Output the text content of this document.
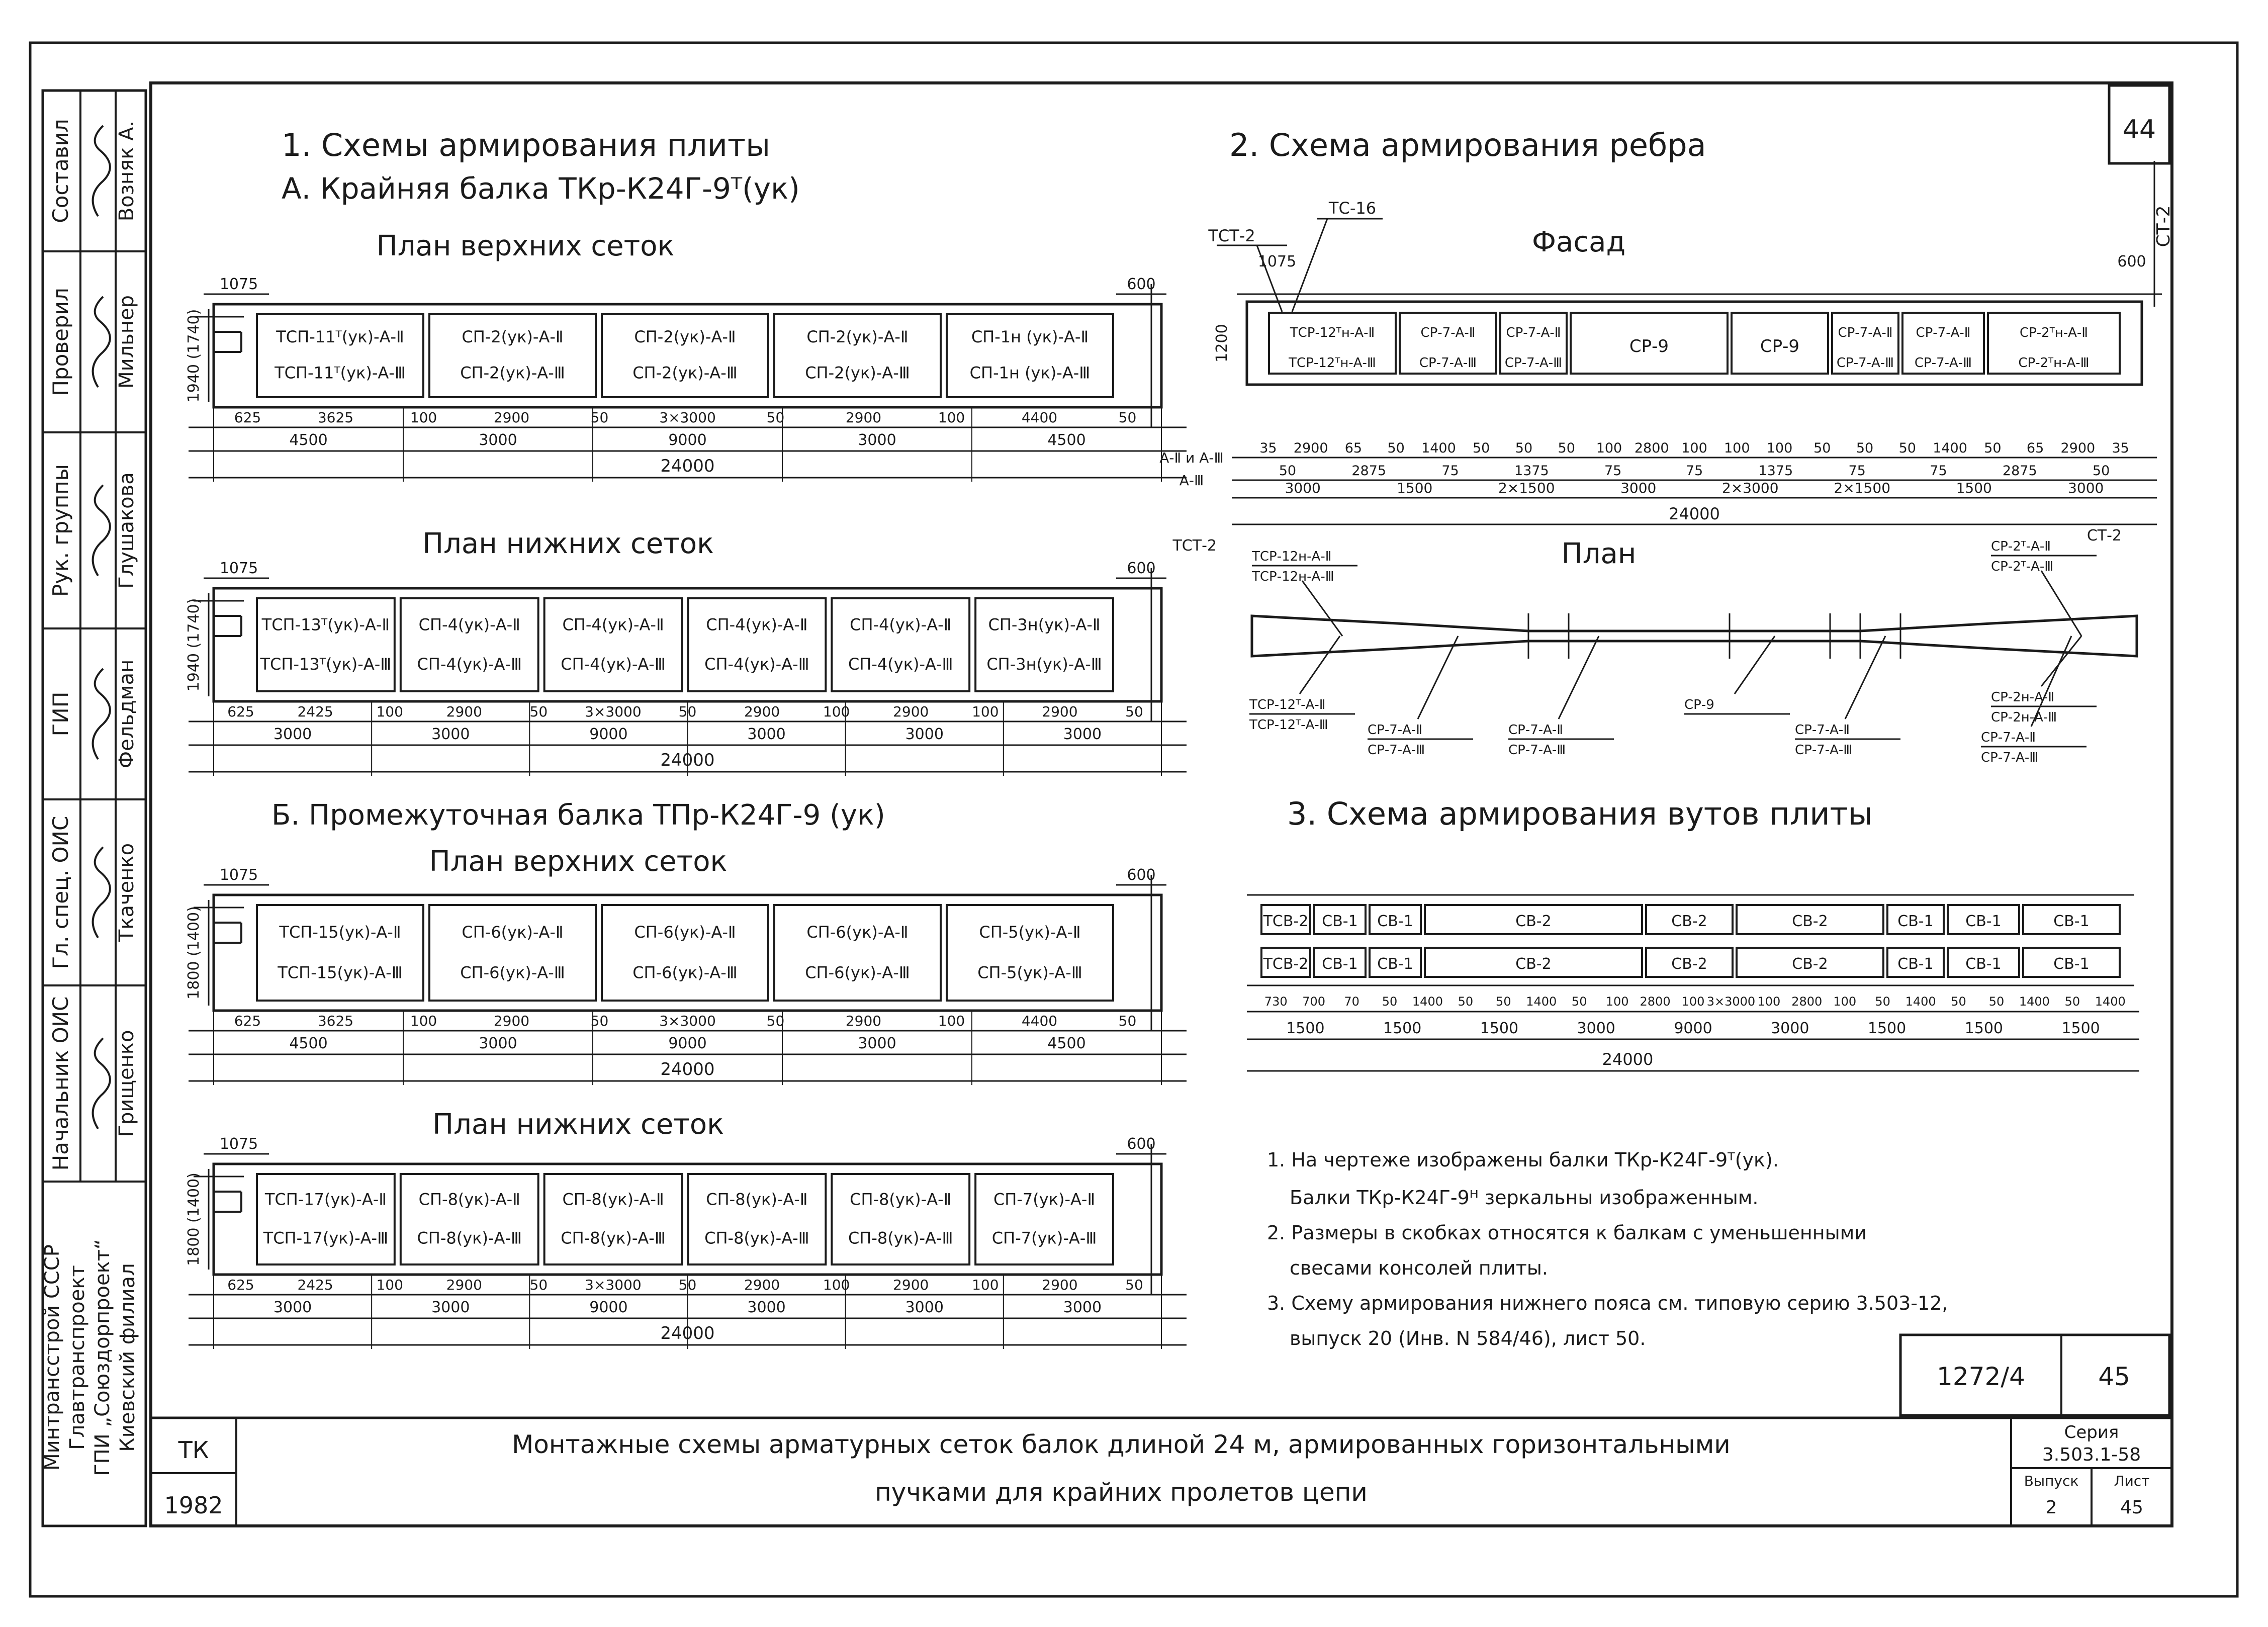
44
1. Схемы армирования плиты
А. Крайняя балка ТКр-К24Г-9ᵀ(ук)
План верхних сеток
План нижних сеток
Б. Промежуточная балка ТПр-К24Г-9 (ук)
План верхних сеток
План нижних сеток
2. Схема армирования ребра
Фасад
План
3. Схема армирования вутов плиты
1075	600
1940 (1740)	ТСП-11ᵀ(ук)-А-Ⅱ
ТСП-11ᵀ(ук)-А-Ⅲ
СП-2(ук)-А-Ⅱ
СП-2(ук)-А-Ⅲ
СП-2(ук)-А-Ⅱ
СП-2(ук)-А-Ⅲ
СП-2(ук)-А-Ⅱ
СП-2(ук)-А-Ⅲ
СП-1н (ук)-А-Ⅱ
СП-1н (ук)-А-Ⅲ
625	3625	100	2900	50	3×3000	50	2900	100	4400	50
4500	3000	9000	3000	4500
24000
1075	600
1940 (1740)	ТСП-13ᵀ(ук)-А-Ⅱ
ТСП-13ᵀ(ук)-А-Ⅲ
СП-4(ук)-А-Ⅱ
СП-4(ук)-А-Ⅲ
СП-4(ук)-А-Ⅱ
СП-4(ук)-А-Ⅲ
СП-4(ук)-А-Ⅱ
СП-4(ук)-А-Ⅲ
СП-4(ук)-А-Ⅱ
СП-4(ук)-А-Ⅲ
СП-3н(ук)-А-Ⅱ
СП-3н(ук)-А-Ⅲ
625	2425	100	2900	50	3×3000	50	2900	100	2900	100	2900	50
3000	3000	9000	3000	3000	3000
24000
1075	600
1800 (1400)	ТСП-15(ук)-А-Ⅱ
ТСП-15(ук)-А-Ⅲ
СП-6(ук)-А-Ⅱ
СП-6(ук)-А-Ⅲ
СП-6(ук)-А-Ⅱ
СП-6(ук)-А-Ⅲ
СП-6(ук)-А-Ⅱ
СП-6(ук)-А-Ⅲ
СП-5(ук)-А-Ⅱ
СП-5(ук)-А-Ⅲ
625	3625	100	2900	50	3×3000	50	2900	100	4400	50
4500	3000	9000	3000	4500
24000
1075	600
1800 (1400)	ТСП-17(ук)-А-Ⅱ
ТСП-17(ук)-А-Ⅲ
СП-8(ук)-А-Ⅱ
СП-8(ук)-А-Ⅲ
СП-8(ук)-А-Ⅱ
СП-8(ук)-А-Ⅲ
СП-8(ук)-А-Ⅱ
СП-8(ук)-А-Ⅲ
СП-8(ук)-А-Ⅱ
СП-8(ук)-А-Ⅲ
СП-7(ук)-А-Ⅱ
СП-7(ук)-А-Ⅲ
625	2425	100	2900	50	3×3000	50	2900	100	2900	100	2900	50
3000	3000	9000	3000	3000	3000
24000
ТСТ-2
ТС-16
1075	600
1200
СТ-2
ТСР-12ᵀн-А-Ⅱ
ТСР-12ᵀн-А-Ⅲ
СР-7-А-Ⅱ
СР-7-А-Ⅲ
СР-7-А-Ⅱ
СР-7-А-Ⅲ
СР-9	СР-9
СР-7-А-Ⅱ
СР-7-А-Ⅲ
СР-7-А-Ⅱ
СР-7-А-Ⅲ
СР-2ᵀн-А-Ⅱ
СР-2ᵀн-А-Ⅲ
А-Ⅱ и А-Ⅲ
А-Ⅲ
35 2900 65 50 1400 50 50 50 100 2800 100 100 100 50 50 50 1400 50 65 2900 35
50	2875	75	1375	75	75	1375	75	75	2875	50
3000	1500	2×1500	3000	2×3000	2×1500	1500	3000
24000
ТСТ-2
ТСР-12н-А-Ⅱ
ТСР-12н-А-Ⅲ
ТСР-12ᵀ-А-Ⅱ
ТСР-12ᵀ-А-Ⅲ	СР-7-А-Ⅱ
СР-7-А-Ⅲ
СР-7-А-Ⅱ
СР-7-А-Ⅲ
СР-9
СР-7-А-Ⅱ
СР-7-А-Ⅲ
СР-2ᵀ-А-Ⅱ
СР-2ᵀ-А-Ⅲ
СТ-2
СР-2н-А-Ⅱ
СР-2н-А-Ⅲ
СР-7-А-Ⅱ
СР-7-А-Ⅲ
ТСВ-2 СВ-1 СВ-1	СВ-2	СВ-2	СВ-2	СВ-1 СВ-1	СВ-1
ТСВ-2 СВ-1 СВ-1	СВ-2	СВ-2	СВ-2	СВ-1 СВ-1	СВ-1
730 700 70 50 1400 50 50 1400 50 100 2800 100 3×3000 100 2800 100 50 1400 50 50 1400 50 1400
1500	1500	1500	3000	9000	3000	1500	1500	1500
24000
1. На чертеже изображены балки ТКр-К24Г-9ᵀ(ук).
Балки ТКр-К24Г-9ᴴ зеркальны изображенным.
2. Размеры в скобках относятся к балкам с уменьшенными
свесами консолей плиты.
3. Схему армирования нижнего пояса см. типовую серию 3.503-12,
выпуск 20 (Инв. N 584/46), лист 50.
1272/4	45
ТК
1982
Монтажные схемы арматурных сеток балок длиной 24 м, армированных горизонтальными
пучками для крайних пролетов цепи
Серия
3.503.1-58
Выпуск
2
Лист
45
Составил Возняк А.
Проверил Мильнер
Рук. группы Глушакова
ГИП Фельдман
Гл. спец. ОИС Ткаченко
Начальник ОИС Грищенко
Минтрансстрой СССР Главтранспроект ГПИ „Союздорпроект“ Киевский филиал
